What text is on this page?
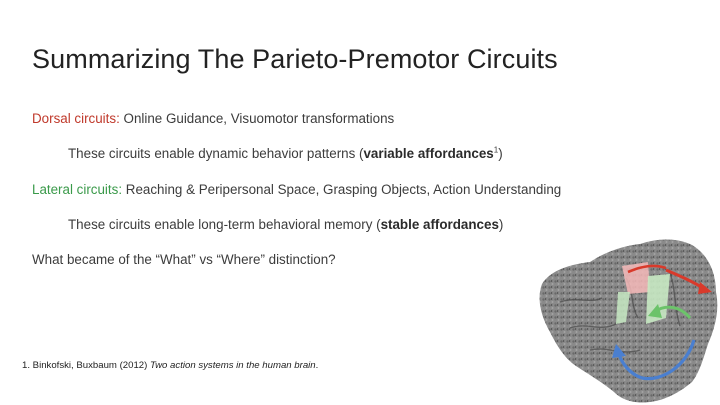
Summarizing The Parieto-Premotor Circuits
Dorsal circuits: Online Guidance, Visuomotor transformations
These circuits enable dynamic behavior patterns (variable affordances$^1$)
Lateral circuits: Reaching & Peripersonal Space, Grasping Objects, Action Understanding
These circuits enable long-term behavioral memory (stable affordances)
What became of the “What” vs “Where” distinction?
1. Binkofski, Buxbaum (2012) Two action systems in the human brain.
